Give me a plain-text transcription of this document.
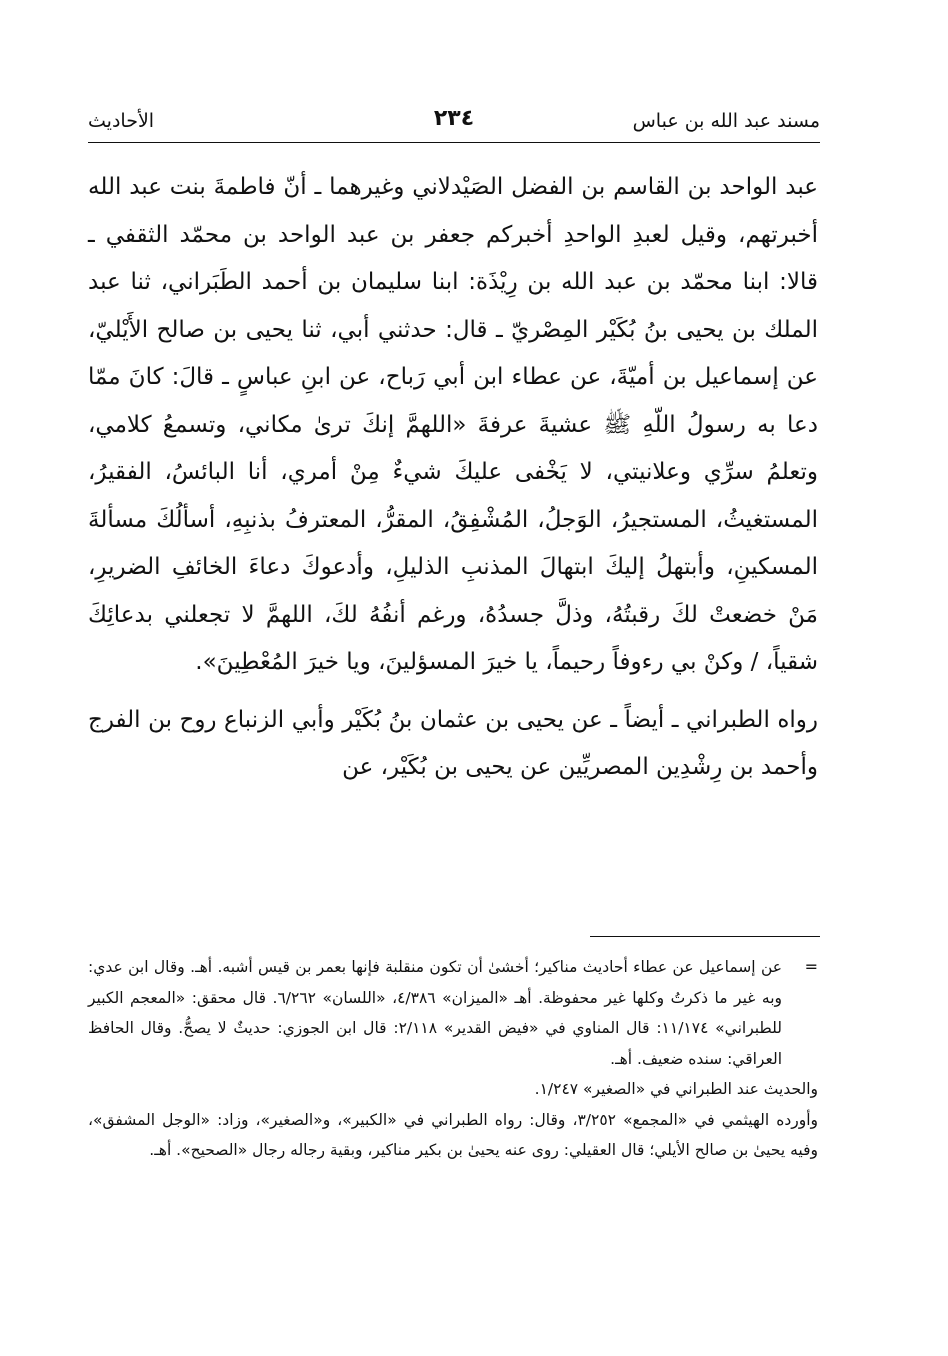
مسند عبد الله بن عباس
٢٣٤
الأحاديث

عبد الواحد بن القاسم بن الفضل الصَيْدلاني وغيرهما ـ أنّ فاطمةَ بنت عبد الله أخبرتهم، وقيل لعبدِ الواحدِ أخبركم جعفر بن عبد الواحد بن محمّد الثقفي ـ قالا: ابنا محمّد بن عبد الله بن رِيْذَة: ابنا سليمان بن أحمد الطَبَراني، ثنا عبد الملك بن يحيى بنُ بُكَيْر المِصْريّ ـ قال: حدثني أبي، ثنا يحيى بن صالح الأَيْليّ، عن إسماعيل بن أميّةَ، عن عطاء ابن أبي رَباح، عن ابنِ عباسٍ ـ قالَ: كانَ ممّا دعا به رسولُ اللّهِ ﷺ عشيةَ عرفةَ «اللهمَّ إنكَ ترىٰ مكاني، وتسمعُ كلامي، وتعلمُ سرِّي وعلانيتي، لا يَخْفى عليكَ شيءٌ مِنْ أمري، أنا البائسُ، الفقيرُ، المستغيثُ، المستجيرُ، الوَجلُ، المُشْفِقُ، المقرُّ، المعترفُ بذنبِهِ، أسألُكَ مسألةَ المسكينِ، وأبتهلُ إليكَ ابتهالَ المذنبِ الذليلِ، وأدعوكَ دعاءَ الخائفِ الضريرِ، مَنْ خضعتْ لكَ رقبتُهُ، وذلَّ جسدُهُ، ورغم أنفُهُ لكَ، اللهمَّ لا تجعلني بدعائِكَ شقياً، / وكنْ بي رءوفاً رحيماً، يا خيرَ المسؤلينَ، ويا خيرَ المُعْطِينَ».

رواه الطبراني ـ أيضاً ـ عن يحيى بن عثمان بنُ بُكَيْر وأبي الزنباع روح بن الفرج وأحمد بن رِشْدِين المصريِّين عن يحيى بن بُكَيْر، عن

=
عن إسماعيل عن عطاء أحاديث مناكير؛ أخشىٰ أن تكون منقلبة فإنها بعمر بن قيس أشبه. أهـ. وقال ابن عدي: وبه غير ما ذكرتُ وكلها غير محفوظة. أهـ «الميزان» ٤/٣٨٦، «اللسان» ٦/٢٦٢. قال محقق: «المعجم الكبير للطبراني» ١١/١٧٤: قال المناوي في «فيض القدير» ٢/١١٨: قال ابن الجوزي: حديثٌ لا يصحُّ. وقال الحافظ العراقي: سنده ضعيف. أهـ.

والحديث عند الطبراني في «الصغير» ١/٢٤٧.

وأورده الهيثمي في «المجمع» ٣/٢٥٢، وقال: رواه الطبراني في «الكبير»، و«الصغير»، وزاد: «الوجل المشفق»، وفيه يحيىٰ بن صالح الأيلي؛ قال العقيلي: روى عنه يحيىٰ بن بكير مناكير، وبقية رجاله رجال «الصحيح». أهـ.
